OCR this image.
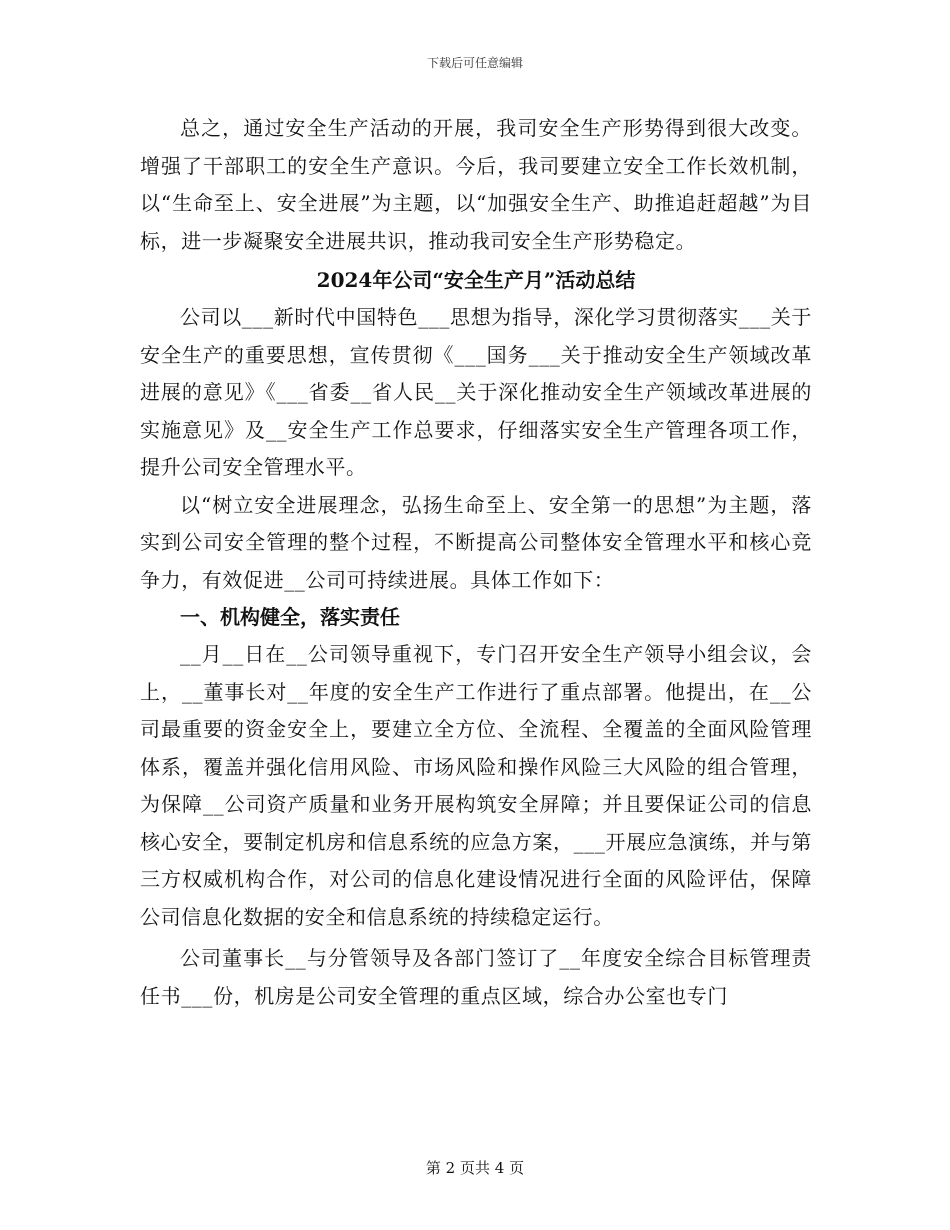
下载后可任意编辑

总之，通过安全生产活动的开展，我司安全生产形势得到很大改变。增强了干部职工的安全生产意识。今后，我司要建立安全工作长效机制，以“生命至上、安全进展”为主题，以“加强安全生产、助推追赶超越”为目标，进一步凝聚安全进展共识，推动我司安全生产形势稳定。

2024年公司“安全生产月”活动总结

公司以___新时代中国特色___思想为指导，深化学习贯彻落实___关于安全生产的重要思想，宣传贯彻《___国务___关于推动安全生产领域改革进展的意见》《___省委__省人民__关于深化推动安全生产领域改革进展的实施意见》及__安全生产工作总要求，仔细落实安全生产管理各项工作，提升公司安全管理水平。

以“树立安全进展理念，弘扬生命至上、安全第一的思想”为主题，落实到公司安全管理的整个过程，不断提高公司整体安全管理水平和核心竞争力，有效促进__公司可持续进展。具体工作如下：

一、机构健全，落实责任

__月__日在__公司领导重视下，专门召开安全生产领导小组会议，会上，__董事长对__年度的安全生产工作进行了重点部署。他提出，在__公司最重要的资金安全上，要建立全方位、全流程、全覆盖的全面风险管理体系，覆盖并强化信用风险、市场风险和操作风险三大风险的组合管理，为保障__公司资产质量和业务开展构筑安全屏障；并且要保证公司的信息核心安全，要制定机房和信息系统的应急方案，___开展应急演练，并与第三方权威机构合作，对公司的信息化建设情况进行全面的风险评估，保障公司信息化数据的安全和信息系统的持续稳定运行。

公司董事长__与分管领导及各部门签订了__年度安全综合目标管理责任书___份，机房是公司安全管理的重点区域，综合办公室也专门

第 2 页共 4 页
